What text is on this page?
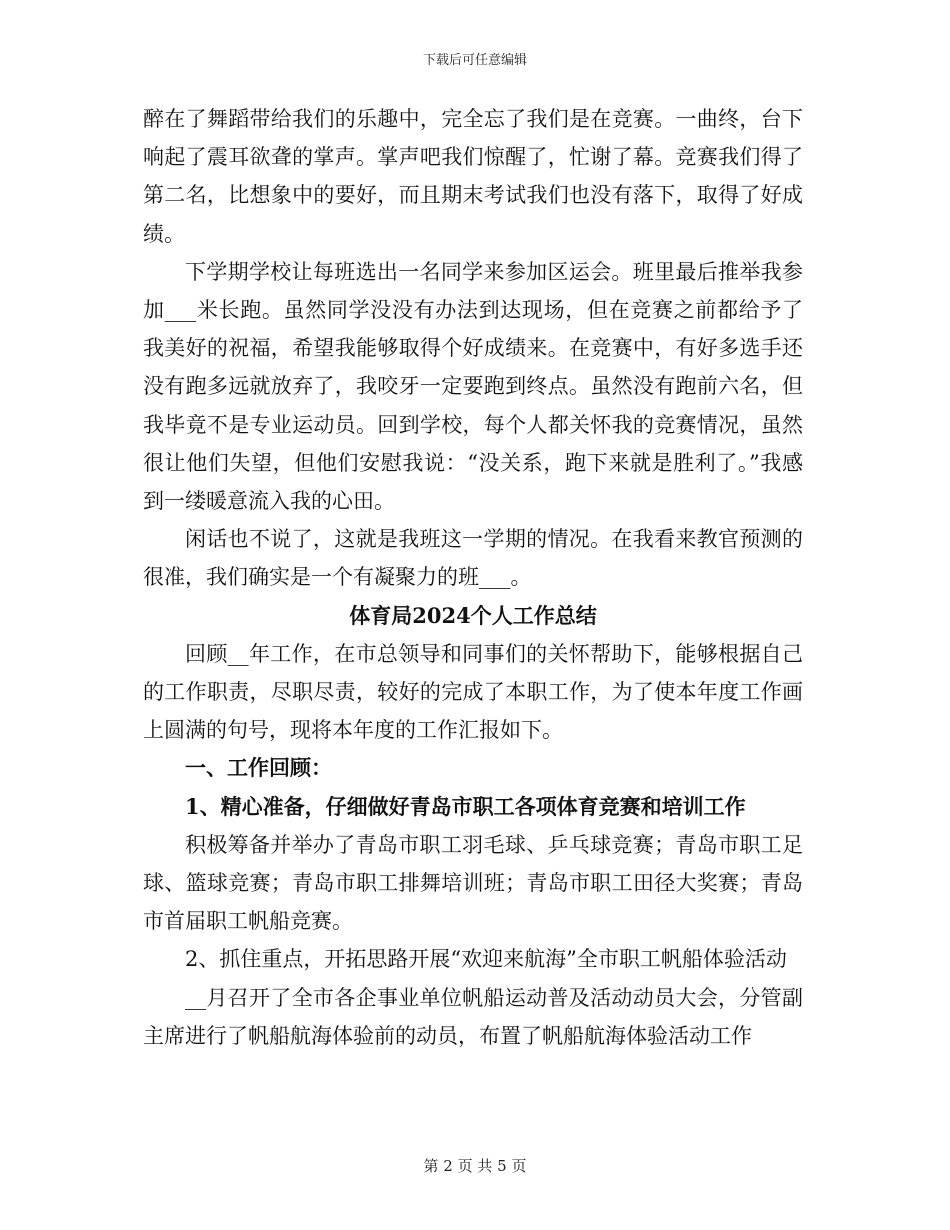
下载后可任意编辑

醉在了舞蹈带给我们的乐趣中，完全忘了我们是在竞赛。一曲终，台下响起了震耳欲聋的掌声。掌声吧我们惊醒了，忙谢了幕。竞赛我们得了第二名，比想象中的要好，而且期末考试我们也没有落下，取得了好成绩。

下学期学校让每班选出一名同学来参加区运会。班里最后推举我参加___米长跑。虽然同学没没有办法到达现场，但在竞赛之前都给予了我美好的祝福，希望我能够取得个好成绩来。在竞赛中，有好多选手还没有跑多远就放弃了，我咬牙一定要跑到终点。虽然没有跑前六名，但我毕竟不是专业运动员。回到学校，每个人都关怀我的竞赛情况，虽然很让他们失望，但他们安慰我说：“没关系，跑下来就是胜利了。”我感到一缕暖意流入我的心田。

闲话也不说了，这就是我班这一学期的情况。在我看来教官预测的很准，我们确实是一个有凝聚力的班___。

体育局2024个人工作总结

回顾__年工作，在市总领导和同事们的关怀帮助下，能够根据自己的工作职责，尽职尽责，较好的完成了本职工作，为了使本年度工作画上圆满的句号，现将本年度的工作汇报如下。

一、工作回顾：

1、精心准备，仔细做好青岛市职工各项体育竞赛和培训工作

积极筹备并举办了青岛市职工羽毛球、乒乓球竞赛；青岛市职工足球、篮球竞赛；青岛市职工排舞培训班；青岛市职工田径大奖赛；青岛市首届职工帆船竞赛。

2、抓住重点，开拓思路开展“欢迎来航海”全市职工帆船体验活动

__月召开了全市各企事业单位帆船运动普及活动动员大会，分管副主席进行了帆船航海体验前的动员，布置了帆船航海体验活动工作

第 2 页 共 5 页
